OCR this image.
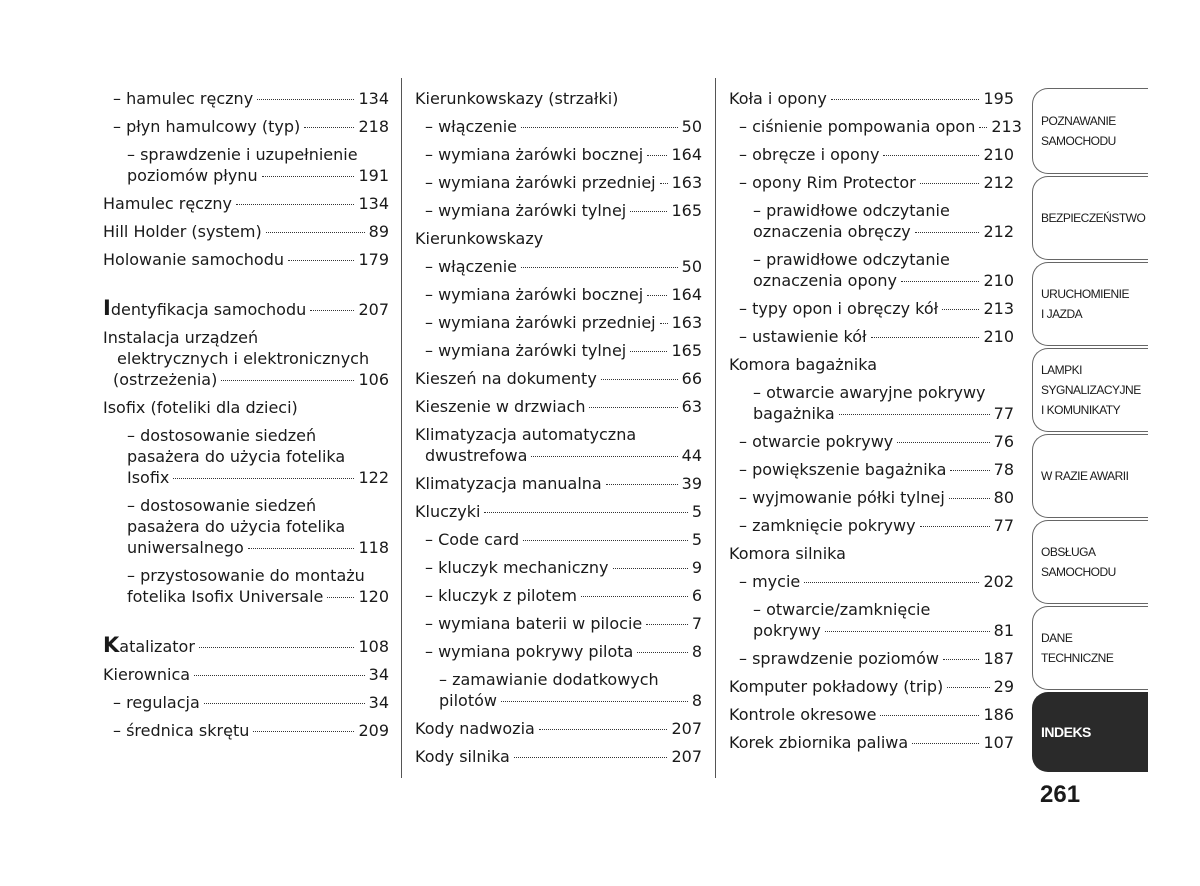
– hamulec ręczny	134
– płyn hamulcowy (typ)	218
– sprawdzenie i uzupełnienie
poziomów płynu	191
Hamulec ręczny	134
Hill Holder (system)	89
Holowanie samochodu	179
I dentyfikacja samochodu	207
Instalacja urządzeń
elektrycznych i elektronicznych
(ostrzeżenia)	106
Isofix (foteliki dla dzieci)
– dostosowanie siedzeń
pasażera do użycia fotelika
Isofix	122
– dostosowanie siedzeń
pasażera do użycia fotelika
uniwersalnego	118
– przystosowanie do montażu
fotelika Isofix Universale 120
K atalizator	108
Kierownica	34
– regulacja	34
– średnica skrętu	209
Kierunkowskazy (strzałki)
– włączenie	50
– wymiana żarówki bocznej 164
– wymiana żarówki przedniej 163
– wymiana żarówki tylnej	165
Kierunkowskazy
– włączenie	50
– wymiana żarówki bocznej 164
– wymiana żarówki przedniej 163
– wymiana żarówki tylnej	165
Kieszeń na dokumenty	66
Kieszenie w drzwiach	63
Klimatyzacja automatyczna
dwustrefowa	44
Klimatyzacja manualna	39
Kluczyki	5
– Code card	5
– kluczyk mechaniczny	9
– kluczyk z pilotem	6
– wymiana baterii w pilocie	7
– wymiana pokrywy pilota	8
– zamawianie dodatkowych
pilotów	8
Kody nadwozia	207
Kody silnika	207
Koła i opony	195
– ciśnienie pompowania opon 213
– obręcze i opony	210
– opony Rim Protector	212
– prawidłowe odczytanie
oznaczenia obręczy	212
– prawidłowe odczytanie
oznaczenia opony	210
– typy opon i obręczy kół	213
– ustawienie kół	210
Komora bagażnika
– otwarcie awaryjne pokrywy
bagażnika	77
– otwarcie pokrywy	76
– powiększenie bagażnika	78
– wyjmowanie półki tylnej	80
– zamknięcie pokrywy	77
Komora silnika
– mycie	202
– otwarcie/zamknięcie
pokrywy	81
– sprawdzenie poziomów	187
Komputer pokładowy (trip)	29
Kontrole okresowe	186
Korek zbiornika paliwa	107
POZNAWANIE
SAMOCHODU
BEZPIECZEŃSTWO
URUCHOMIENIE
I JAZDA
LAMPKI
SYGNALIZACYJNE
I KOMUNIKATY
W RAZIE AWARII
OBSŁUGA
SAMOCHODU
DANE
TECHNICZNE
INDEKS
261
